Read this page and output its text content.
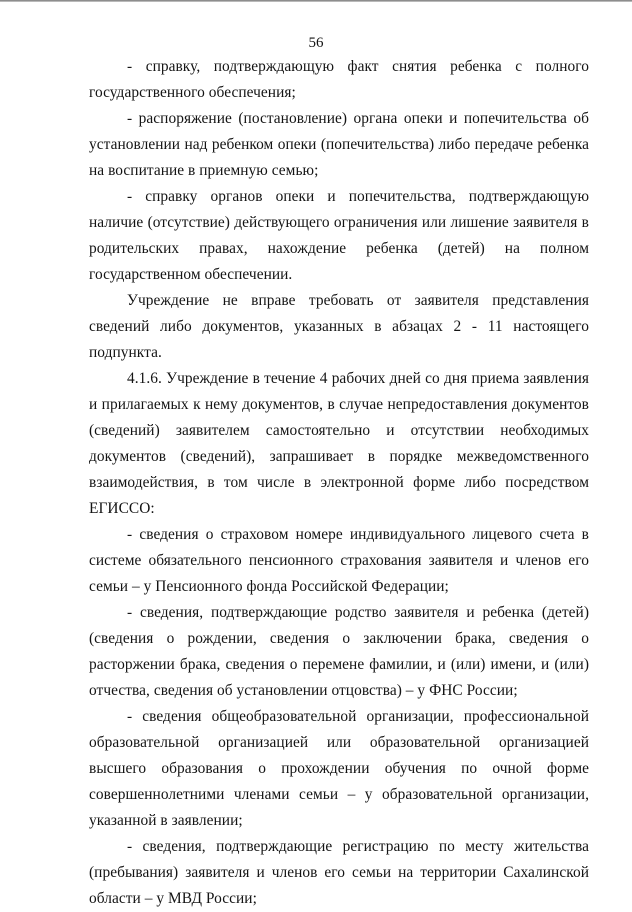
56

- справку, подтверждающую факт снятия ребенка с полного государственного обеспечения;

- распоряжение (постановление) органа опеки и попечительства об установлении над ребенком опеки (попечительства) либо передаче ребенка на воспитание в приемную семью;

- справку органов опеки и попечительства, подтверждающую наличие (отсутствие) действующего ограничения или лишение заявителя в родительских правах, нахождение ребенка (детей) на полном государственном обеспечении.

Учреждение не вправе требовать от заявителя представления сведений либо документов, указанных в абзацах 2 - 11 настоящего подпункта.

4.1.6. Учреждение в течение 4 рабочих дней со дня приема заявления и прилагаемых к нему документов, в случае непредоставления документов (сведений) заявителем самостоятельно и отсутствии необходимых документов (сведений), запрашивает в порядке межведомственного взаимодействия, в том числе в электронной форме либо посредством ЕГИССО:

- сведения о страховом номере индивидуального лицевого счета в системе обязательного пенсионного страхования заявителя и членов его семьи – у Пенсионного фонда Российской Федерации;

- сведения, подтверждающие родство заявителя и ребенка (детей) (сведения о рождении, сведения о заключении брака, сведения о расторжении брака, сведения о перемене фамилии, и (или) имени, и (или) отчества, сведения об установлении отцовства) – у ФНС России;

- сведения общеобразовательной организации, профессиональной образовательной организацией или образовательной организацией высшего образования о прохождении обучения по очной форме совершеннолетними членами семьи – у образовательной организации, указанной в заявлении;

- сведения, подтверждающие регистрацию по месту жительства (пребывания) заявителя и членов его семьи на территории Сахалинской области – у МВД России;
